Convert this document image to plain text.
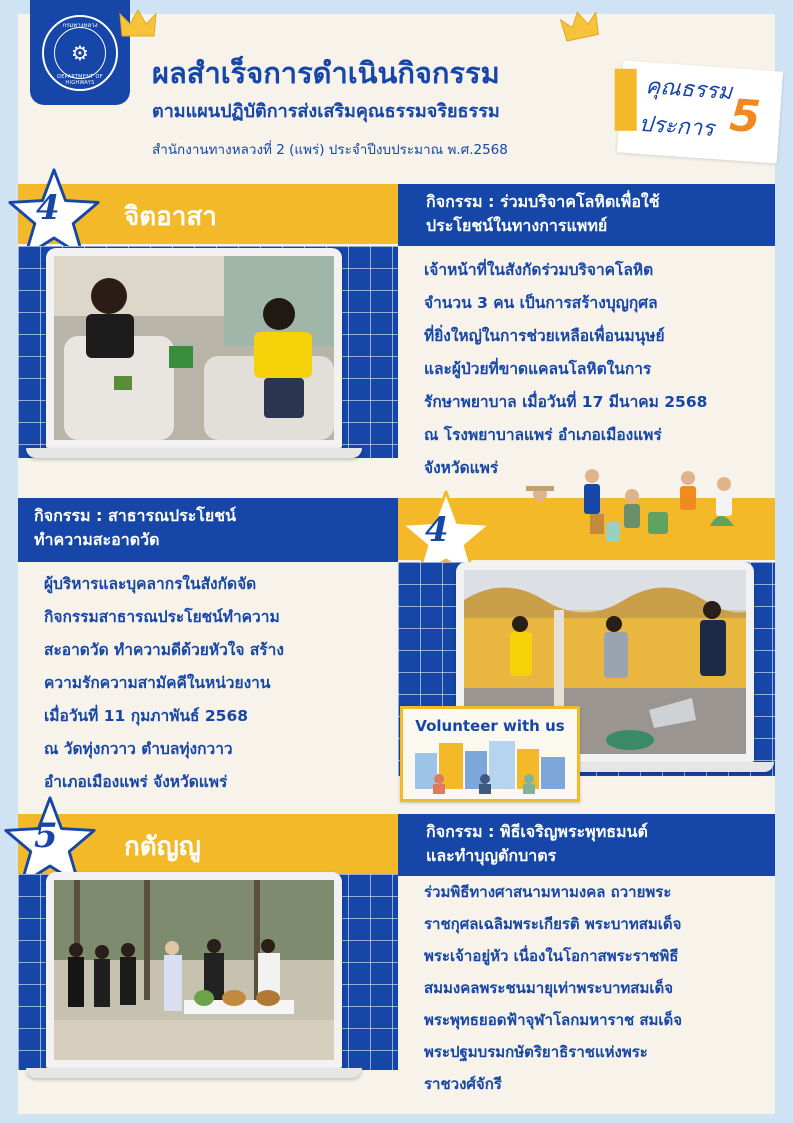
กรมทางหลวง
⚙
DEPARTMENT OF HIGHWAYS	ผลสำเร็จการดำเนินกิจกรรม
ตามแผนปฏิบัติการส่งเสริมคุณธรรมจริยธรรม
สำนักงานทางหลวงที่ 2 (แพร่) ประจำปีงบประมาณ พ.ศ.2568
คุณธรรม
ประการ 5
4 จิตอาสา
กิจกรรม : ร่วมบริจาคโลหิตเพื่อใช้
ประโยชน์ในทางการแพทย์

เจ้าหน้าที่ในสังกัดร่วมบริจาคโลหิต

จำนวน 3 คน เป็นการสร้างบุญกุศล

ที่ยิ่งใหญ่ในการช่วยเหลือเพื่อนมนุษย์

และผู้ป่วยที่ขาดแคลนโลหิตในการ

รักษาพยาบาล เมื่อวันที่ 17 มีนาคม 2568

ณ โรงพยาบาลแพร่ อำเภอเมืองแพร่

จังหวัดแพร่

กิจกรรม : สาธารณประโยชน์
ทำความสะอาดวัด	4
Volunteer with us

ผู้บริหารและบุคลากรในสังกัดจัด

กิจกรรมสาธารณประโยชน์ทำความ

สะอาดวัด ทำความดีด้วยหัวใจ สร้าง

ความรักความสามัคคีในหน่วยงาน

เมื่อวันที่ 11 กุมภาพันธ์ 2568

ณ วัดทุ่งกวาว ตำบลทุ่งกวาว

อำเภอเมืองแพร่ จังหวัดแพร่

5	กตัญญู
กิจกรรม : พิธีเจริญพระพุทธมนต์
และทำบุญตักบาตร

ร่วมพิธีทางศาสนามหามงคล ถวายพระ

ราชกุศลเฉลิมพระเกียรติ พระบาทสมเด็จ

พระเจ้าอยู่หัว เนื่องในโอกาสพระราชพิธี

สมมงคลพระชนมายุเท่าพระบาทสมเด็จ

พระพุทธยอดฟ้าจุฬาโลกมหาราช สมเด็จ

พระปฐมบรมกษัตริยาธิราชแห่งพระ

ราชวงศ์จักรี
